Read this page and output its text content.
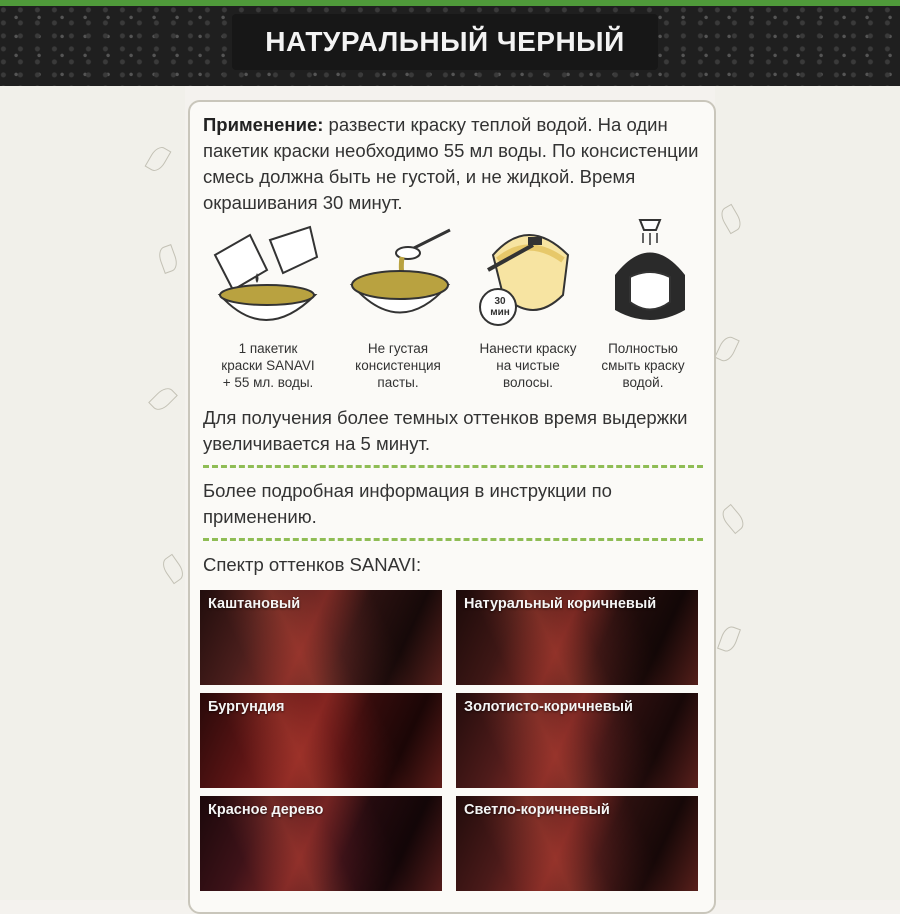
НАТУРАЛЬНЫЙ ЧЕРНЫЙ
Применение: развести краску теплой водой. На один пакетик краски необходимо 55 мл воды. По консистенции смесь должна быть не густой, и не жидкой. Время окрашивания 30 минут.
30
мин
1 пакетик
краски SANAVI
+ 55 мл. воды.
Не густая
консистенция
пасты.
Нанести краску
на чистые
волосы.
Полностью
смыть краску
водой.
Для получения более темных оттенков время выдержки увеличивается на 5 минут.
Более подробная информация в инструкции по применению.
Спектр оттенков SANAVI:
Каштановый	Натуральный коричневый
Бургундия	Золотисто-коричневый
Красное дерево	Светло-коричневый
